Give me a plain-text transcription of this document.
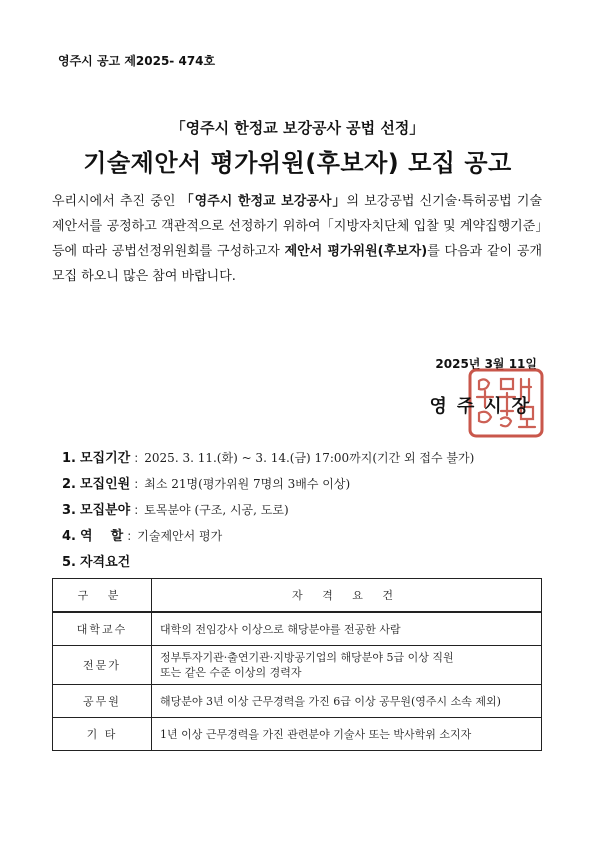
영주시 공고 제2025- 474호
「영주시 한정교 보강공사 공법 선정」
기술제안서 평가위원(후보자) 모집 공고
우리시에서 추진 중인 「영주시 한정교 보강공사」의 보강공법 신기술·특허공법 기술제안서를 공정하고 객관적으로 선정하기 위하여「지방자치단체 입찰 및 계약집행기준」등에 따라 공법선정위원회를 구성하고자 제안서 평가위원(후보자)를 다음과 같이 공개모집 하오니 많은 참여 바랍니다.
2025년 3월 11일
영주시장
1. 모집기간 : 2025. 3. 11.(화) ~ 3. 14.(금) 17:00까지(기간 외 접수 불가)
2. 모집인원 : 최소 21명(평가위원 7명의 3배수 이상)
3. 모집분야 : 토목분야 (구조, 시공, 도로)
4. 역    할 : 기술제안서 평가
5. 자격요건
구 분	자 격 요 건
대학교수	대학의 전임강사 이상으로 해당분야를 전공한 사람

전문가	정부투자기관·출연기관·지방공기업의 해당분야 5급 이상 직원
또는 같은 수준 이상의 경력자

공무원	해당분야 3년 이상 근무경력을 가진 6급 이상 공무원(영주시 소속 제외)

기 타	1년 이상 근무경력을 가진 관련분야 기술사 또는 박사학위 소지자
